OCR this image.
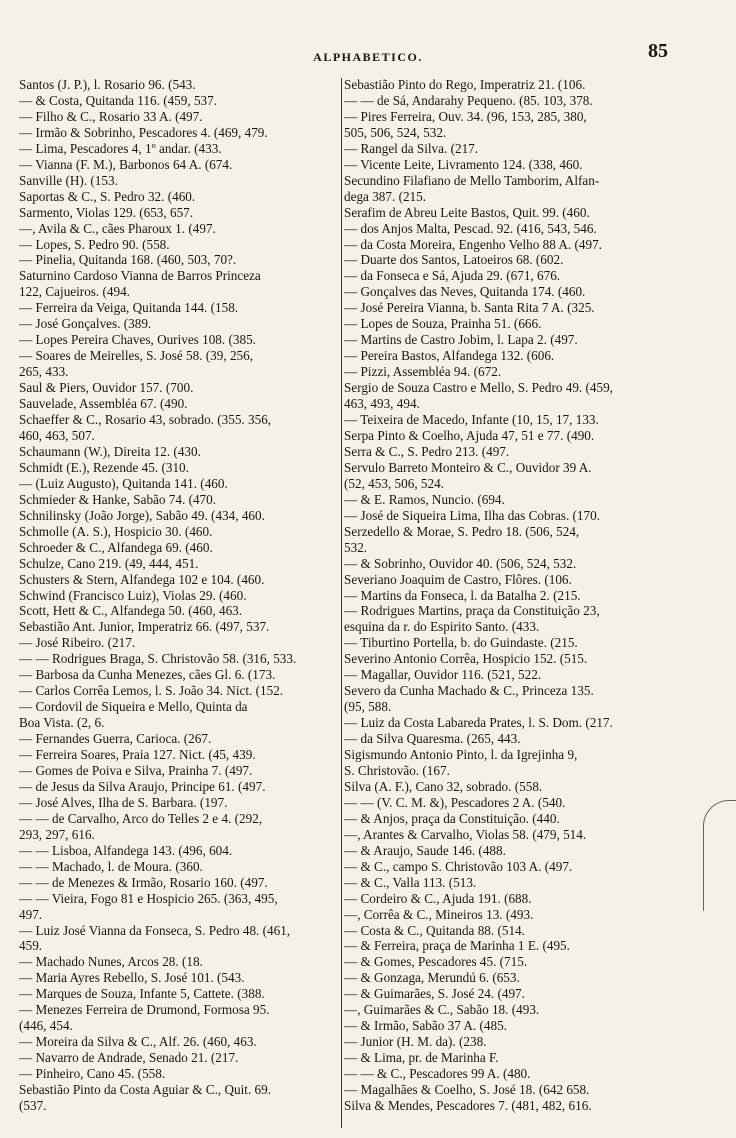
ALPHABETICO.	85
Santos (J. P.), l. Rosario 96. (543.
— & Costa, Quitanda 116. (459, 537.
— Filho & C., Rosario 33 A. (497.
— Irmão & Sobrinho, Pescadores 4. (469, 479.
— Lima, Pescadores 4, 1º andar. (433.
— Vianna (F. M.), Barbonos 64 A. (674.
Sanville (H). (153.
Saportas & C., S. Pedro 32. (460.
Sarmento, Violas 129. (653, 657.
—, Avila & C., cães Pharoux 1. (497.
— Lopes, S. Pedro 90. (558.
— Pinelia, Quitanda 168. (460, 503, 70?.
Saturnino Cardoso Vianna de Barros Princeza
122, Cajueiros. (494.
— Ferreira da Veiga, Quitanda 144. (158.
— José Gonçalves. (389.
— Lopes Pereira Chaves, Ourives 108. (385.
— Soares de Meirelles, S. José 58. (39, 256,
265, 433.
Saul & Piers, Ouvidor 157. (700.
Sauvelade, Assembléa 67. (490.
Schaeffer & C., Rosario 43, sobrado. (355. 356,
460, 463, 507.
Schaumann (W.), Direita 12. (430.
Schmidt (E.), Rezende 45. (310.
— (Luiz Augusto), Quitanda 141. (460.
Schmieder & Hanke, Sabão 74. (470.
Schnilinsky (João Jorge), Sabão 49. (434, 460.
Schmolle (A. S.), Hospicio 30. (460.
Schroeder & C., Alfandega 69. (460.
Schulze, Cano 219. (49, 444, 451.
Schusters & Stern, Alfandega 102 e 104. (460.
Schwind (Francisco Luiz), Violas 29. (460.
Scott, Hett & C., Alfandega 50. (460, 463.
Sebastião Ant. Junior, Imperatriz 66. (497, 537.
— José Ribeiro. (217.
— — Rodrigues Braga, S. Christovão 58. (316, 533.
— Barbosa da Cunha Menezes, cães Gl. 6. (173.
— Carlos Corrêa Lemos, l. S. João 34. Nict. (152.
— Cordovil de Siqueira e Mello, Quinta da
Boa Vista. (2, 6.
— Fernandes Guerra, Carioca. (267.
— Ferreira Soares, Praia 127. Nict. (45, 439.
— Gomes de Poiva e Silva, Prainha 7. (497.
— de Jesus da Silva Araujo, Principe 61. (497.
— José Alves, Ilha de S. Barbara. (197.
— — de Carvalho, Arco do Telles 2 e 4. (292,
293, 297, 616.
— — Lisboa, Alfandega 143. (496, 604.
— — Machado, l. de Moura. (360.
— — de Menezes & Irmão, Rosario 160. (497.
— — Vieira, Fogo 81 e Hospicio 265. (363, 495,
497.
— Luiz José Vianna da Fonseca, S. Pedro 48. (461,
459.
— Machado Nunes, Arcos 28. (18.
— Maria Ayres Rebello, S. José 101. (543.
— Marques de Souza, Infante 5, Cattete. (388.
— Menezes Ferreira de Drumond, Formosa 95.
(446, 454.
— Moreira da Silva & C., Alf. 26. (460, 463.
— Navarro de Andrade, Senado 21. (217.
— Pinheiro, Cano 45. (558.
Sebastião Pinto da Costa Aguiar & C., Quit. 69.
(537.
Sebastião Pinto do Rego, Imperatriz 21. (106.
— — de Sá, Andarahy Pequeno. (85. 103, 378.
— Pires Ferreira, Ouv. 34. (96, 153, 285, 380,
505, 506, 524, 532.
— Rangel da Silva. (217.
— Vicente Leite, Livramento 124. (338, 460.
Secundino Filafiano de Mello Tamborim, Alfan-
dega 387. (215.
Serafim de Abreu Leite Bastos, Quit. 99. (460.
— dos Anjos Malta, Pescad. 92. (416, 543, 546.
— da Costa Moreira, Engenho Velho 88 A. (497.
— Duarte dos Santos, Latoeiros 68. (602.
— da Fonseca e Sá, Ajuda 29. (671, 676.
— Gonçalves das Neves, Quitanda 174. (460.
— José Pereira Vianna, b. Santa Rita 7 A. (325.
— Lopes de Souza, Prainha 51. (666.
— Martins de Castro Jobim, l. Lapa 2. (497.
— Pereira Bastos, Alfandega 132. (606.
— Pizzi, Assembléa 94. (672.
Sergio de Souza Castro e Mello, S. Pedro 49. (459,
463, 493, 494.
— Teixeira de Macedo, Infante (10, 15, 17, 133.
Serpa Pinto & Coelho, Ajuda 47, 51 e 77. (490.
Serra & C., S. Pedro 213. (497.
Servulo Barreto Monteiro & C., Ouvidor 39 A.
(52, 453, 506, 524.
— & E. Ramos, Nuncio. (694.
— José de Siqueira Lima, Ilha das Cobras. (170.
Serzedello & Morae, S. Pedro 18. (506, 524,
532.
— & Sobrinho, Ouvidor 40. (506, 524, 532.
Severiano Joaquim de Castro, Flôres. (106.
— Martins da Fonseca, l. da Batalha 2. (215.
— Rodrigues Martins, praça da Constituição 23,
esquina da r. do Espirito Santo. (433.
— Tiburtino Portella, b. do Guindaste. (215.
Severino Antonio Corrêa, Hospicio 152. (515.
— Magallar, Ouvidor 116. (521, 522.
Severo da Cunha Machado & C., Princeza 135.
(95, 588.
— Luiz da Costa Labareda Prates, l. S. Dom. (217.
— da Silva Quaresma. (265, 443.
Sigismundo Antonio Pinto, l. da Igrejinha 9,
S. Christovão. (167.
Silva (A. F.), Cano 32, sobrado. (558.
— — (V. C. M. &), Pescadores 2 A. (540.
— & Anjos, praça da Constituição. (440.
—, Arantes & Carvalho, Violas 58. (479, 514.
— & Araujo, Saude 146. (488.
— & C., campo S. Christovão 103 A. (497.
— & C., Valla 113. (513.
— Cordeiro & C., Ajuda 191. (688.
—, Corrêa & C., Mineiros 13. (493.
— Costa & C., Quitanda 88. (514.
— & Ferreira, praça de Marinha 1 E. (495.
— & Gomes, Pescadores 45. (715.
— & Gonzaga, Merundú 6. (653.
— & Guimarães, S. José 24. (497.
—, Guimarães & C., Sabão 18. (493.
— & Irmão, Sabão 37 A. (485.
— Junior (H. M. da). (238.
— & Lima, pr. de Marinha F.
— — & C., Pescadores 99 A. (480.
— Magalhães & Coelho, S. José 18. (642 658.
Silva & Mendes, Pescadores 7. (481, 482, 616.
